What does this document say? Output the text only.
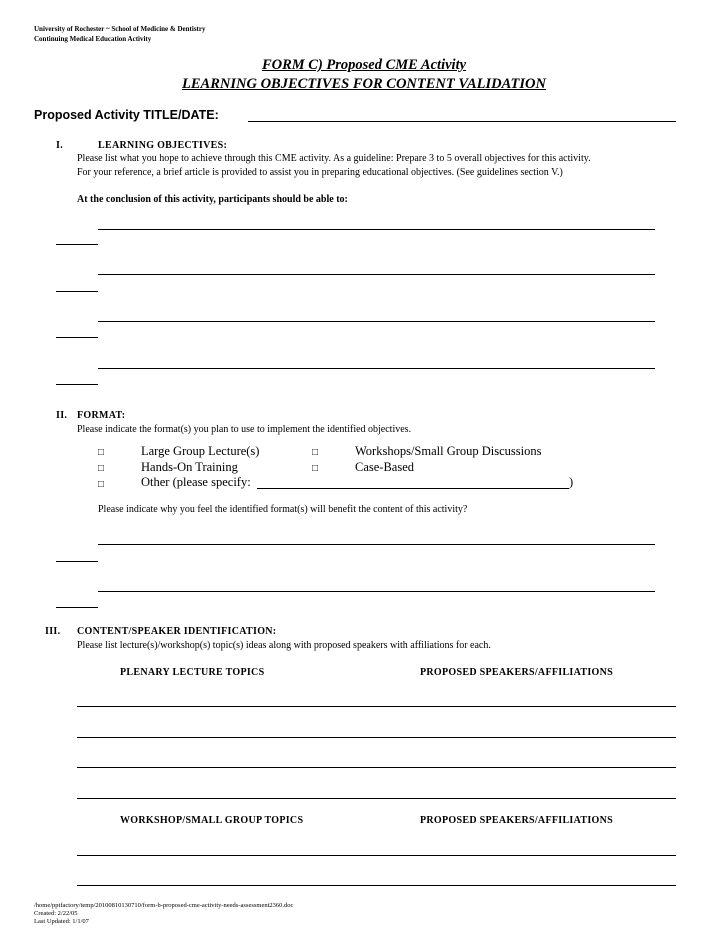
University of Rochester ~ School of Medicine & Dentistry
Continuing Medical Education Activity
FORM C) Proposed CME Activity
LEARNING OBJECTIVES FOR CONTENT VALIDATION
Proposed Activity TITLE/DATE:
I.	LEARNING OBJECTIVES:
Please list what you hope to achieve through this CME activity. As a guideline: Prepare 3 to 5 overall objectives for this activity.
For your reference, a brief article is provided to assist you in preparing educational objectives. (See guidelines section V.)
At the conclusion of this activity, participants should be able to:
II. FORMAT:
Please indicate the format(s) you plan to use to implement the identified objectives.
□	Large Group Lecture(s)	□	Workshops/Small Group Discussions
□	Hands-On Training	□	Case-Based
□	Other (please specify:	)
Please indicate why you feel the identified format(s) will benefit the content of this activity?
III. CONTENT/SPEAKER IDENTIFICATION:
Please list lecture(s)/workshop(s) topic(s) ideas along with proposed speakers with affiliations for each.
PLENARY LECTURE TOPICS	PROPOSED SPEAKERS/AFFILIATIONS
WORKSHOP/SMALL GROUP TOPICS	PROPOSED SPEAKERS/AFFILIATIONS
/home/pptfactory/temp/20100810130710/form-b-proposed-cme-activity-needs-assessment2360.doc
Created: 2/22/05
Last Updated: 1/1/07
